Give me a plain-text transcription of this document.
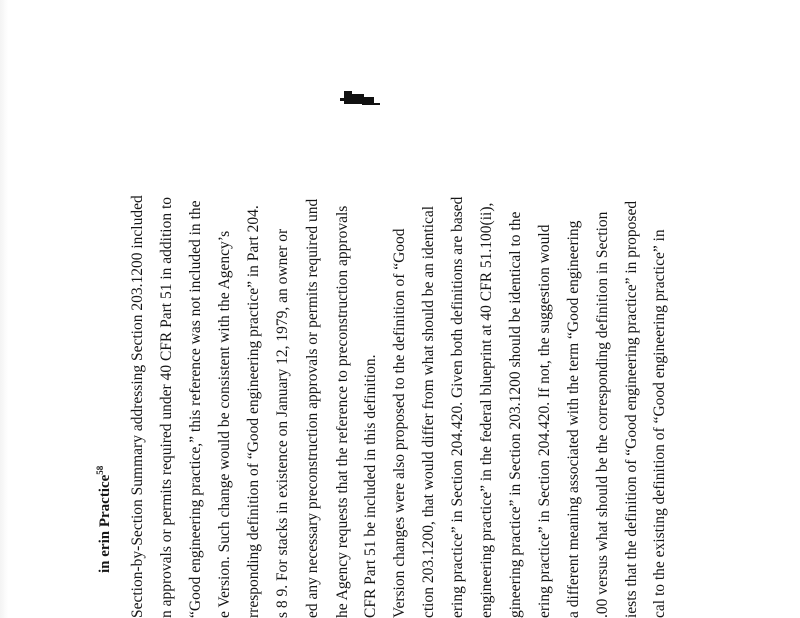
in erin Practice$^{58}$	Section-by-Section Summary addressing Section 203.1200 included n approvals or permits required under 40 CFR Part 51 in addition to “Good engineering practice,” this reference was not included in the e Version. Such change would be consistent with the Agency’s rresponding definition of “Good engineering practice” in Part 204. s 8 9. For stacks in existence on January 12, 1979, an owner or ed any necessary preconstruction approvals or permits required und he Agency requests that the reference to preconstruction approvals CFR Part 51 be included in this definition. Version changes were also proposed to the definition of “Good ction 203.1200, that would differ from what should be an identical ering practice” in Section 204.420. Given both definitions are based engineering practice” in the federal blueprint at 40 CFR 51.100(ii), gineering practice” in Section 203.1200 should be identical to the ering practice” in Section 204.420. If not, the suggestion would a different meaning associated with the term “Good engineering .00 versus what should be the corresponding definition in Section iests that the definition of “Good engineering practice” in proposed cal to the existing definition of “Good engineering practice” in
